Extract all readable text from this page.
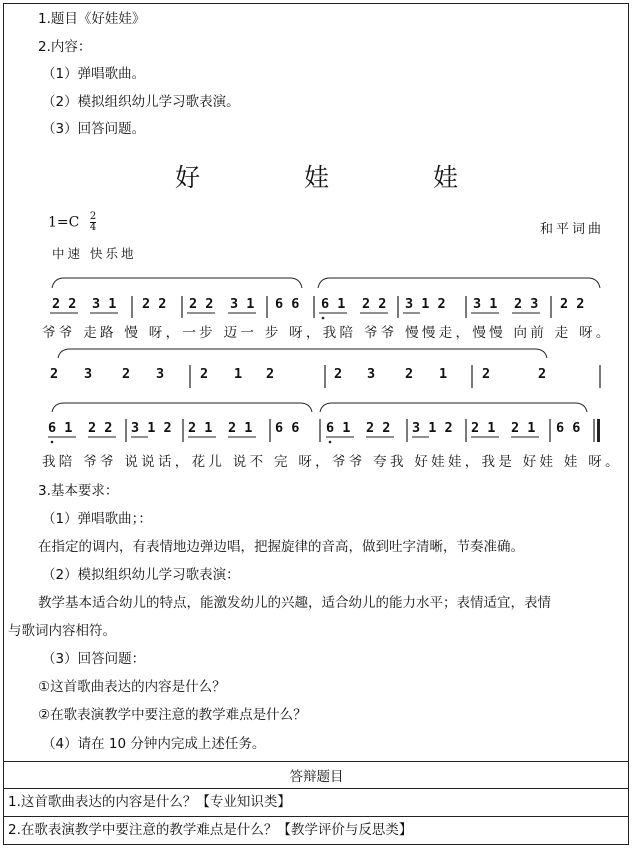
1.题目《好娃娃》
2.内容：
（1）弹唱歌曲。
（2）模拟组织幼儿学习歌表演。
（3）回答问题。
好 娃 娃
$1=C \frac{2}{4}$
中速 快乐地
和平词曲
2 2 3 1 2 2 2 2 3 1 6 6 6 1 2 2 3 1 2 3 1 2 3 2 2
爷爷 走路 慢 呀，一步 迈一 步 呀，我陪 爷爷 慢慢走，慢慢 向前 走 呀。
2 3 2 3	2 1 2	2 3 2 1	2	2
6 1 2 2 3 1 2 2 1 2 1 6 6 6 1 2 2 3 1 2 2 1 2 1 6 6
我陪 爷爷 说说话，花儿 说不 完 呀，爷爷 夸我 好娃娃，我是 好娃 娃 呀。
3.基本要求：
（1）弹唱歌曲；：
在指定的调内，有表情地边弹边唱，把握旋律的音高，做到吐字清晰，节奏准确。
（2）模拟组织幼儿学习歌表演：
教学基本适合幼儿的特点，能激发幼儿的兴趣，适合幼儿的能力水平；表情适宜，表情
与歌词内容相符。
（3）回答问题：
①这首歌曲表达的内容是什么？
②在歌表演教学中要注意的教学难点是什么？
（4）请在 10 分钟内完成上述任务。
答辩题目
1.这首歌曲表达的内容是什么？【专业知识类】
2.在歌表演教学中要注意的教学难点是什么？【教学评价与反思类】
